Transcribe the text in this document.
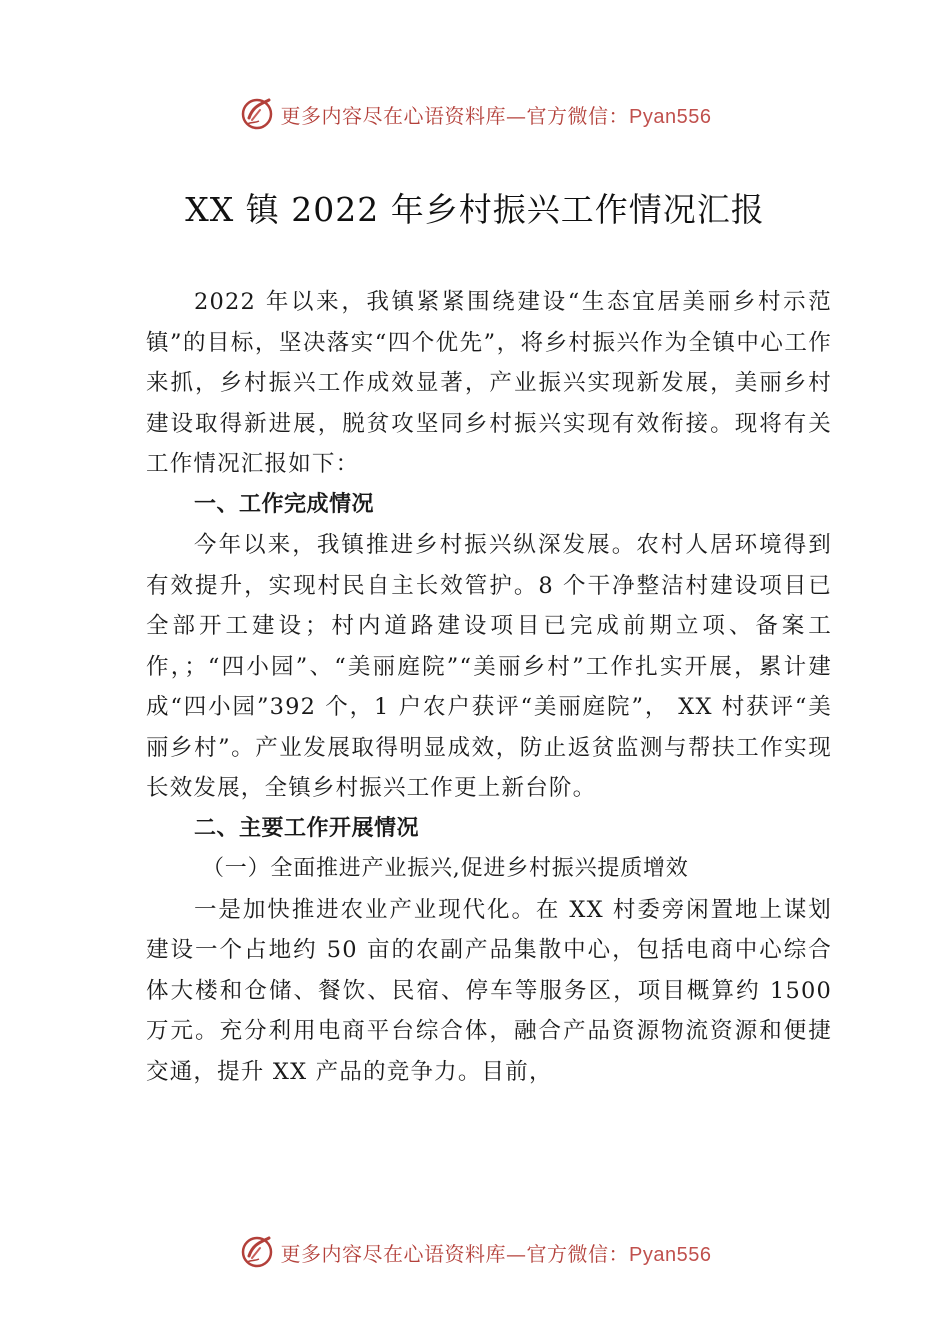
更多内容尽在心语资料库—官方微信：Pyan556
XX 镇 2022 年乡村振兴工作情况汇报

2022 年以来，我镇紧紧围绕建设“生态宜居美丽乡村示范镇”的目标，坚决落实“四个优先”，将乡村振兴作为全镇中心工作来抓，乡村振兴工作成效显著，产业振兴实现新发展，美丽乡村建设取得新进展，脱贫攻坚同乡村振兴实现有效衔接。现将有关工作情况汇报如下：

一、工作完成情况

今年以来，我镇推进乡村振兴纵深发展。农村人居环境得到有效提升，实现村民自主长效管护。8 个干净整洁村建设项目已全部开工建设；村内道路建设项目已完成前期立项、备案工作，；“四小园”、“美丽庭院”“美丽乡村”工作扎实开展，累计建成“四小园”392 个，1 户农户获评“美丽庭院”， XX 村获评“美丽乡村”。产业发展取得明显成效，防止返贫监测与帮扶工作实现长效发展，全镇乡村振兴工作更上新台阶。

二、主要工作开展情况

（一）全面推进产业振兴,促进乡村振兴提质增效

一是加快推进农业产业现代化。在 XX 村委旁闲置地上谋划建设一个占地约 50 亩的农副产品集散中心，包括电商中心综合体大楼和仓储、餐饮、民宿、停车等服务区，项目概算约 1500 万元。充分利用电商平台综合体，融合产品资源物流资源和便捷交通，提升 XX 产品的竞争力。目前，

更多内容尽在心语资料库—官方微信：Pyan556
